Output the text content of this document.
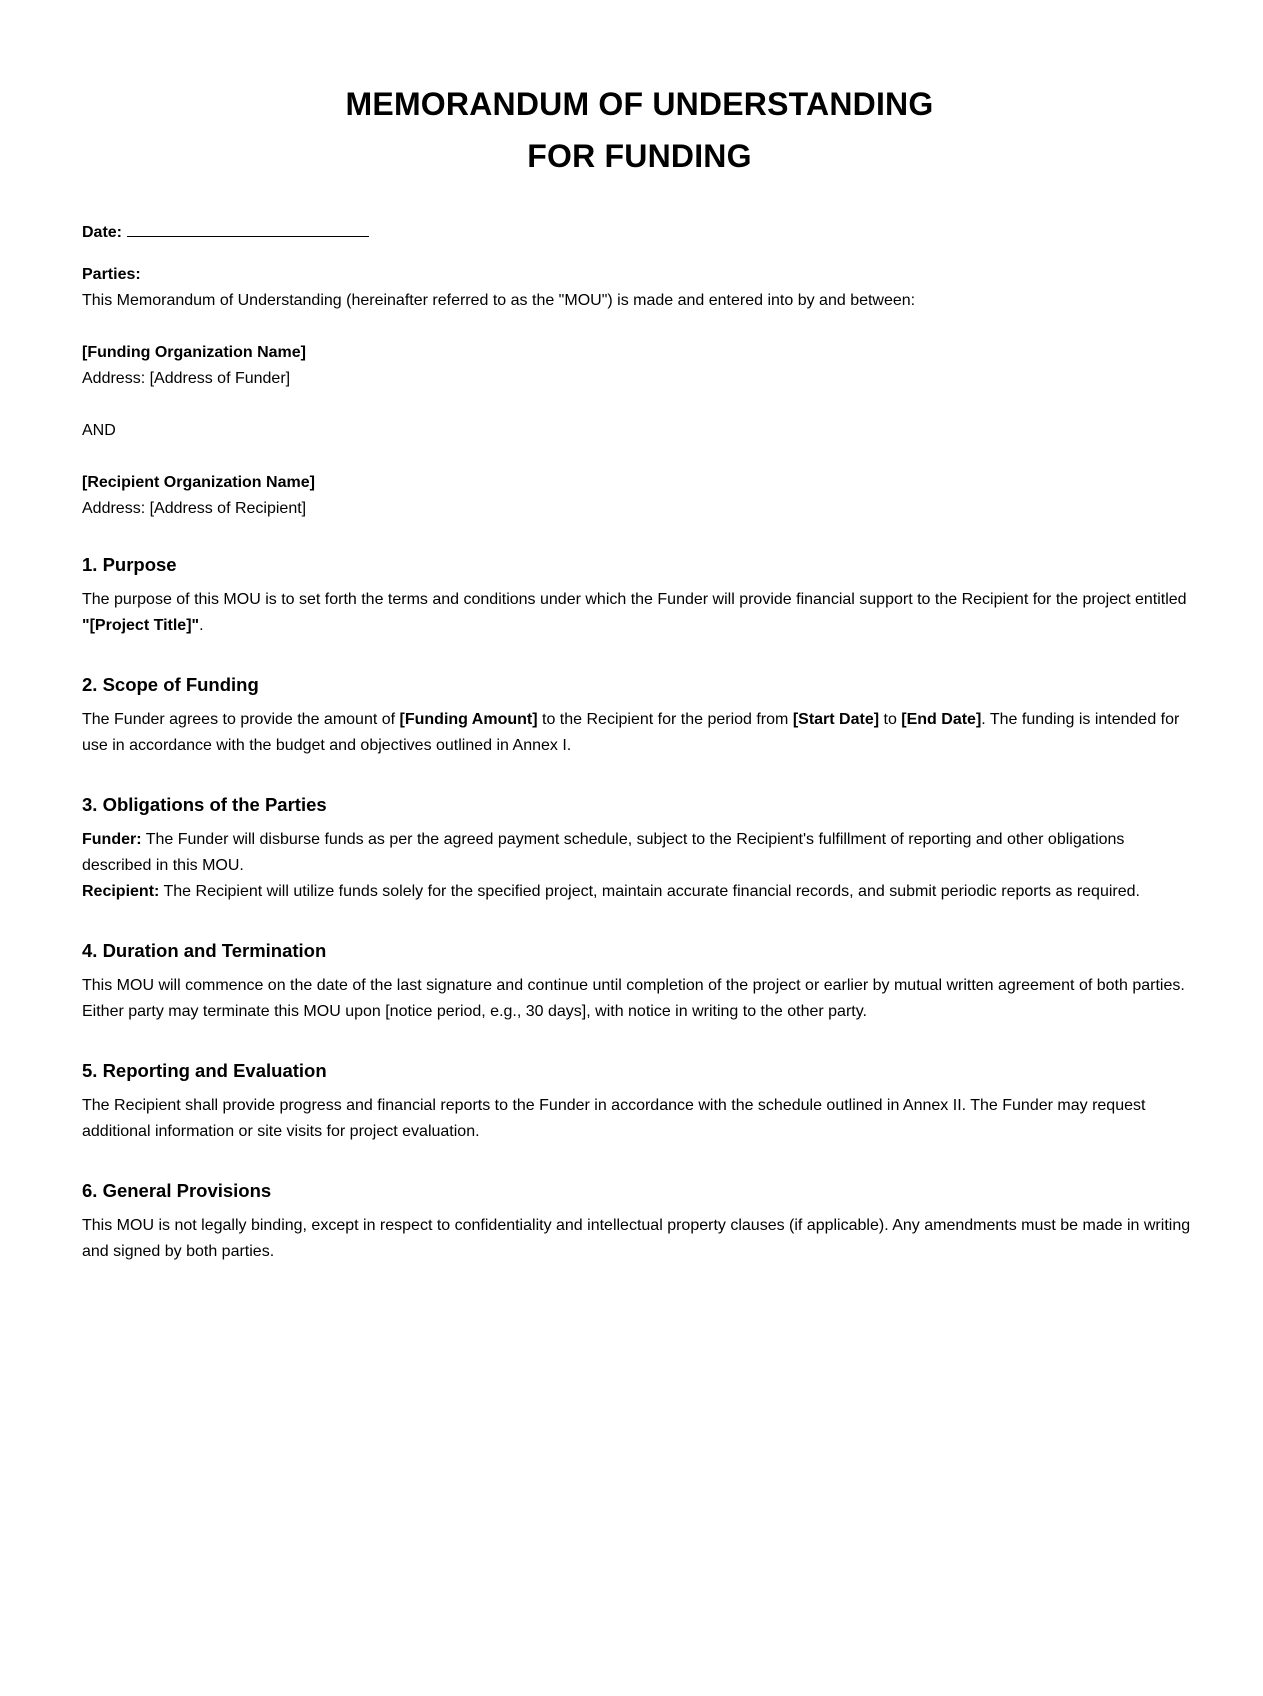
MEMORANDUM OF UNDERSTANDING
FOR FUNDING

Date:

Parties:

This Memorandum of Understanding (hereinafter referred to as the "MOU") is made and entered into by and between:

[Funding Organization Name]

Address: [Address of Funder]

AND

[Recipient Organization Name]

Address: [Address of Recipient]

1. Purpose

The purpose of this MOU is to set forth the terms and conditions under which the Funder will provide financial support to the Recipient for the project entitled "[Project Title]".

2. Scope of Funding

The Funder agrees to provide the amount of [Funding Amount] to the Recipient for the period from [Start Date] to [End Date]. The funding is intended for use in accordance with the budget and objectives outlined in Annex I.

3. Obligations of the Parties

Funder: The Funder will disburse funds as per the agreed payment schedule, subject to the Recipient's fulfillment of reporting and other obligations described in this MOU.

Recipient: The Recipient will utilize funds solely for the specified project, maintain accurate financial records, and submit periodic reports as required.

4. Duration and Termination

This MOU will commence on the date of the last signature and continue until completion of the project or earlier by mutual written agreement of both parties. Either party may terminate this MOU upon [notice period, e.g., 30 days], with notice in writing to the other party.

5. Reporting and Evaluation

The Recipient shall provide progress and financial reports to the Funder in accordance with the schedule outlined in Annex II. The Funder may request additional information or site visits for project evaluation.

6. General Provisions

This MOU is not legally binding, except in respect to confidentiality and intellectual property clauses (if applicable). Any amendments must be made in writing and signed by both parties.
